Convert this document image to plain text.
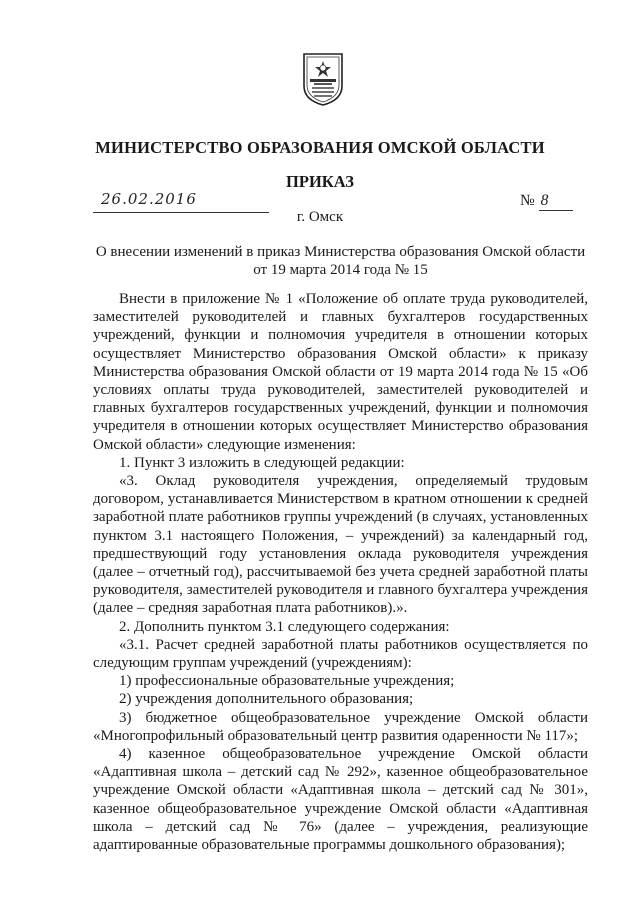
МИНИСТЕРСТВО ОБРАЗОВАНИЯ ОМСКОЙ ОБЛАСТИ
ПРИКАЗ
26.02.2016	№ 8
г. Омск
О внесении изменений в приказ Министерства образования Омской области от 19 марта 2014 года № 15

Внести в приложение № 1 «Положение об оплате труда руководителей, заместителей руководителей и главных бухгалтеров государственных учреждений, функции и полномочия учредителя в отношении которых осуществляет Министерство образования Омской области» к приказу Министерства образования Омской области от 19 марта 2014 года № 15 «Об условиях оплаты труда руководителей, заместителей руководителей и главных бухгалтеров государственных учреждений, функции и полномочия учредителя в отношении которых осуществляет Министерство образования Омской области» следующие изменения:

1. Пункт 3 изложить в следующей редакции:

«3. Оклад руководителя учреждения, определяемый трудовым договором, устанавливается Министерством в кратном отношении к средней заработной плате работников группы учреждений (в случаях, установленных пунктом 3.1 настоящего Положения, – учреждений) за календарный год, предшествующий году установления оклада руководителя учреждения (далее – отчетный год), рассчитываемой без учета средней заработной платы руководителя, заместителей руководителя и главного бухгалтера учреждения (далее – средняя заработная плата работников).».

2. Дополнить пунктом 3.1 следующего содержания:

«3.1. Расчет средней заработной платы работников осуществляется по следующим группам учреждений (учреждениям):

1) профессиональные образовательные учреждения;

2) учреждения дополнительного образования;

3) бюджетное общеобразовательное учреждение Омской области «Многопрофильный образовательный центр развития одаренности № 117»;

4) казенное общеобразовательное учреждение Омской области «Адаптивная школа – детский сад № 292», казенное общеобразовательное учреждение Омской области «Адаптивная школа – детский сад № 301», казенное общеобразовательное учреждение Омской области «Адаптивная школа – детский сад № 76» (далее – учреждения, реализующие адаптированные образовательные программы дошкольного образования);
